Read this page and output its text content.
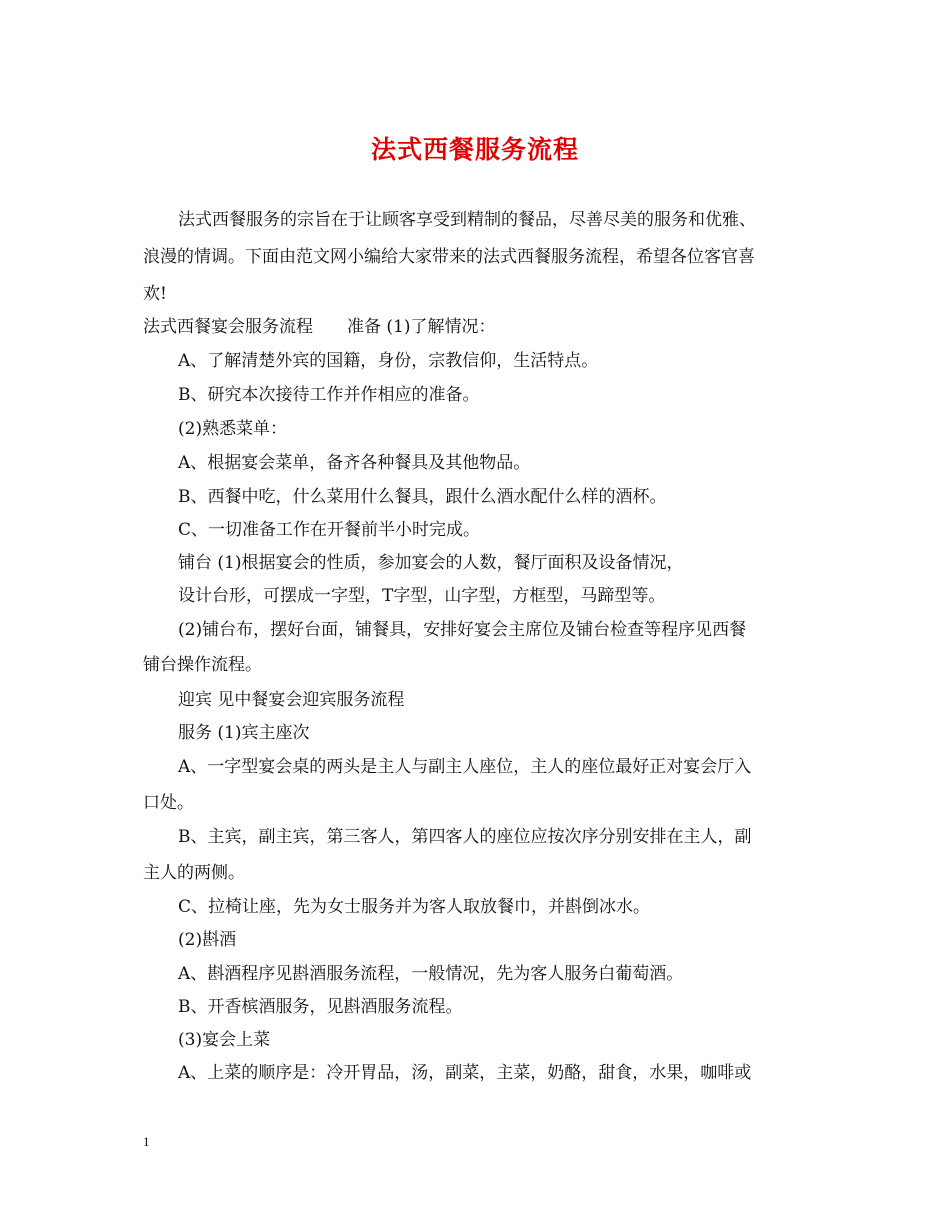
法式西餐服务流程
法式西餐服务的宗旨在于让顾客享受到精制的餐品，尽善尽美的服务和优雅、
浪漫的情调。下面由范文网小编给大家带来的法式西餐服务流程，希望各位客官喜
欢!
法式西餐宴会服务流程　　准备 (1)了解情况：
A、了解清楚外宾的国籍，身份，宗教信仰，生活特点。
B、研究本次接待工作并作相应的准备。
(2)熟悉菜单：
A、根据宴会菜单，备齐各种餐具及其他物品。
B、西餐中吃，什么菜用什么餐具，跟什么酒水配什么样的酒杯。
C、一切准备工作在开餐前半小时完成。
铺台 (1)根据宴会的性质，参加宴会的人数，餐厅面积及设备情况，
设计台形，可摆成一字型，T字型，山字型，方框型，马蹄型等。
(2)铺台布，摆好台面，铺餐具，安排好宴会主席位及铺台检查等程序见西餐
铺台操作流程。
迎宾 见中餐宴会迎宾服务流程
服务 (1)宾主座次
A、一字型宴会桌的两头是主人与副主人座位，主人的座位最好正对宴会厅入
口处。
B、主宾，副主宾，第三客人，第四客人的座位应按次序分别安排在主人，副
主人的两侧。
C、拉椅让座，先为女士服务并为客人取放餐巾，并斟倒冰水。
(2)斟酒
A、斟酒程序见斟酒服务流程，一般情况，先为客人服务白葡萄酒。
B、开香槟酒服务，见斟酒服务流程。
(3)宴会上菜
A、上菜的顺序是：冷开胃品，汤，副菜，主菜，奶酪，甜食，水果，咖啡或
1
